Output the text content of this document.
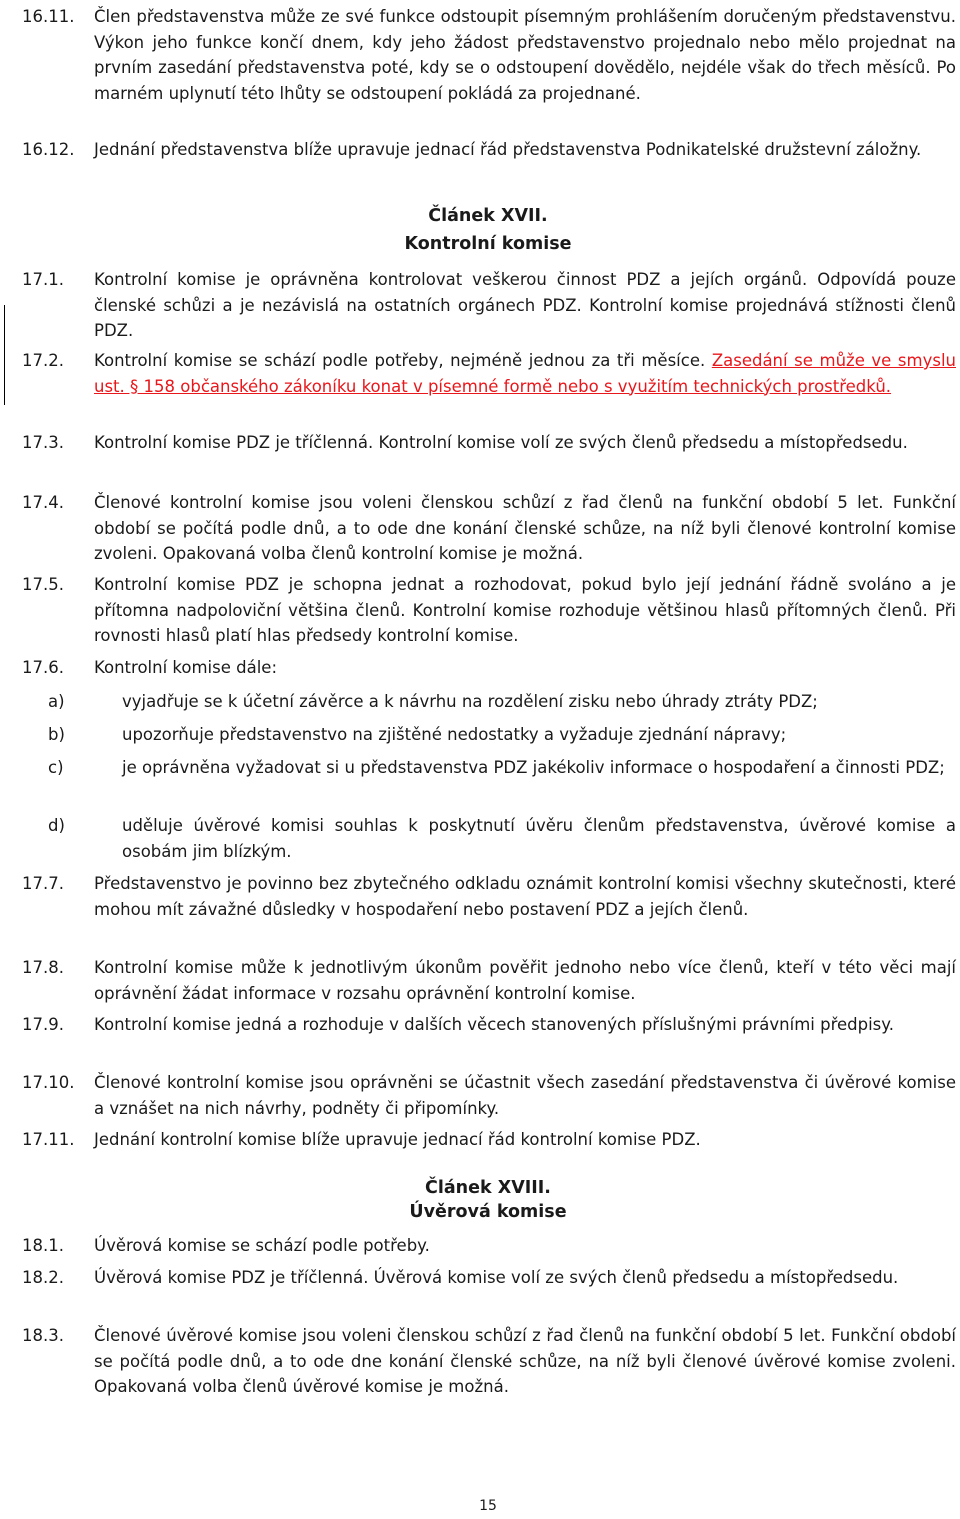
16.11.	Člen představenstva může ze své funkce odstoupit písemným prohlášením doručeným představenstvu. Výkon jeho funkce končí dnem, kdy jeho žádost představenstvo projednalo nebo mělo projednat na prvním zasedání představenstva poté, kdy se o odstoupení dovědělo, nejdéle však do třech měsíců. Po marném uplynutí této lhůty se odstoupení pokládá za projednané.
16.12.	Jednání představenstva blíže upravuje jednací řád představenstva Podnikatelské družstevní záložny.
Článek XVII.
Kontrolní komise
17.1.	Kontrolní komise je oprávněna kontrolovat veškerou činnost PDZ a jejích orgánů. Odpovídá pouze členské schůzi a je nezávislá na ostatních orgánech PDZ. Kontrolní komise projednává stížnosti členů PDZ.
17.2.	Kontrolní komise se schází podle potřeby, nejméně jednou za tři měsíce. Zasedání se může ve smyslu ust. § 158 občanského zákoníku konat v písemné formě nebo s využitím technických prostředků.
17.3.	Kontrolní komise PDZ je tříčlenná. Kontrolní komise volí ze svých členů předsedu a místopředsedu.
17.4.	Členové kontrolní komise jsou voleni členskou schůzí z řad členů na funkční období 5 let. Funkční období se počítá podle dnů, a to ode dne konání členské schůze, na níž byli členové kontrolní komise zvoleni. Opakovaná volba členů kontrolní komise je možná.
17.5.	Kontrolní komise PDZ je schopna jednat a rozhodovat, pokud bylo její jednání řádně svoláno a je přítomna nadpoloviční většina členů. Kontrolní komise rozhoduje většinou hlasů přítomných členů. Při rovnosti hlasů platí hlas předsedy kontrolní komise.
17.6.	Kontrolní komise dále:
a)	vyjadřuje se k účetní závěrce a k návrhu na rozdělení zisku nebo úhrady ztráty PDZ;
b)	upozorňuje představenstvo na zjištěné nedostatky a vyžaduje zjednání nápravy;
c)	je oprávněna vyžadovat si u představenstva PDZ jakékoliv informace o hospodaření a činnosti PDZ;
d)	uděluje úvěrové komisi souhlas k poskytnutí úvěru členům představenstva, úvěrové komise a osobám jim blízkým.
17.7.	Představenstvo je povinno bez zbytečného odkladu oznámit kontrolní komisi všechny skutečnosti, které mohou mít závažné důsledky v hospodaření nebo postavení PDZ a jejích členů.
17.8.	Kontrolní komise může k jednotlivým úkonům pověřit jednoho nebo více členů, kteří v této věci mají oprávnění žádat informace v rozsahu oprávnění kontrolní komise.
17.9.	Kontrolní komise jedná a rozhoduje v dalších věcech stanovených příslušnými právními předpisy.
17.10.	Členové kontrolní komise jsou oprávněni se účastnit všech zasedání představenstva či úvěrové komise a vznášet na nich návrhy, podněty či připomínky.
17.11.	Jednání kontrolní komise blíže upravuje jednací řád kontrolní komise PDZ.
Článek XVIII.
Úvěrová komise
18.1.	Úvěrová komise se schází podle potřeby.
18.2.	Úvěrová komise PDZ je tříčlenná. Úvěrová komise volí ze svých členů předsedu a místopředsedu.
18.3.	Členové úvěrové komise jsou voleni členskou schůzí z řad členů na funkční období 5 let. Funkční období se počítá podle dnů, a to ode dne konání členské schůze, na níž byli členové úvěrové komise zvoleni. Opakovaná volba členů úvěrové komise je možná.
15
